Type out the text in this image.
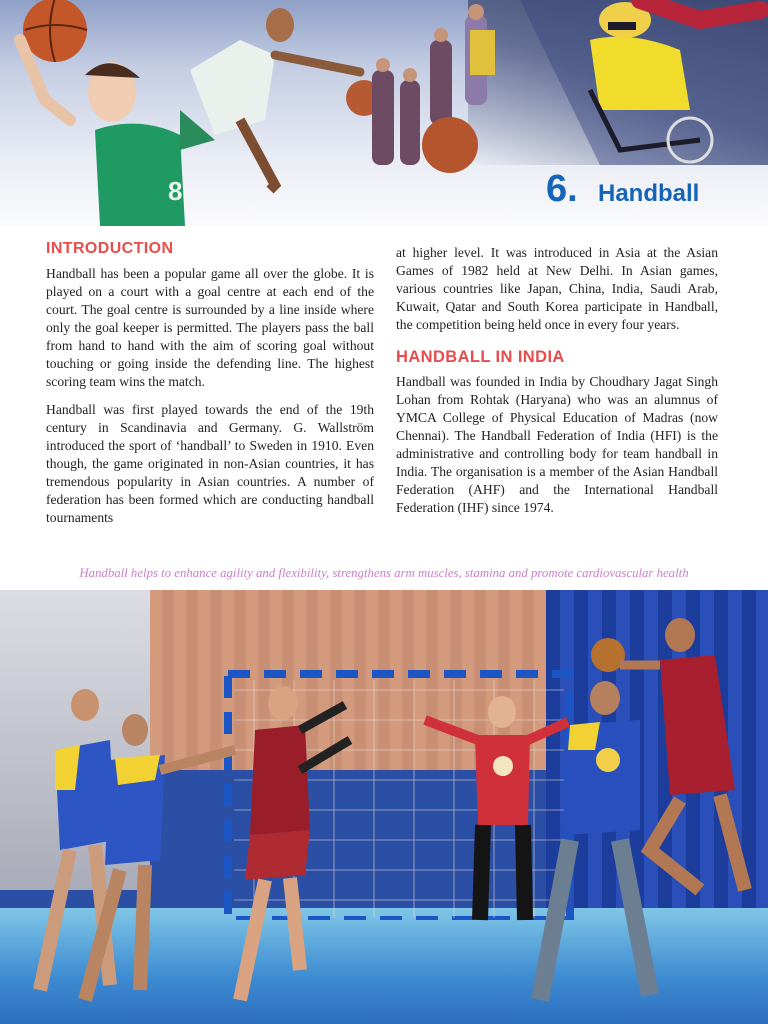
8	6. Handball
INTRODUCTION

Handball has been a popular game all over the globe. It is played on a court with a goal centre at each end of the court. The goal centre is surrounded by a line inside where only the goal keeper is permitted. The players pass the ball from hand to hand with the aim of scoring goal without touching or going inside the defending line. The highest scoring team wins the match.

Handball was first played towards the end of the 19th century in Scandinavia and Germany. G. Wallström introduced the sport of ‘handball’ to Sweden in 1910. Even though, the game originated in non-Asian countries, it has tremendous popularity in Asian countries. A number of federation has been formed which are conducting handball tournaments

at higher level. It was introduced in Asia at the Asian Games of 1982 held at New Delhi. In Asian games, various countries like Japan, China, India, Saudi Arab, Kuwait, Qatar and South Korea participate in Handball, the competition being held once in every four years.

HANDBALL IN INDIA

Handball was founded in India by Choudhary Jagat Singh Lohan from Rohtak (Haryana) who was an alumnus of YMCA College of Physical Education of Madras (now Chennai). The Handball Federation of India (HFI) is the administrative and controlling body for team handball in India. The organisation is a member of the Asian Handball Federation (AHF) and the International Handball Federation (IHF) since 1974.

Handball helps to enhance agility and flexibility, strengthens arm muscles, stamina and promote cardiovascular health
